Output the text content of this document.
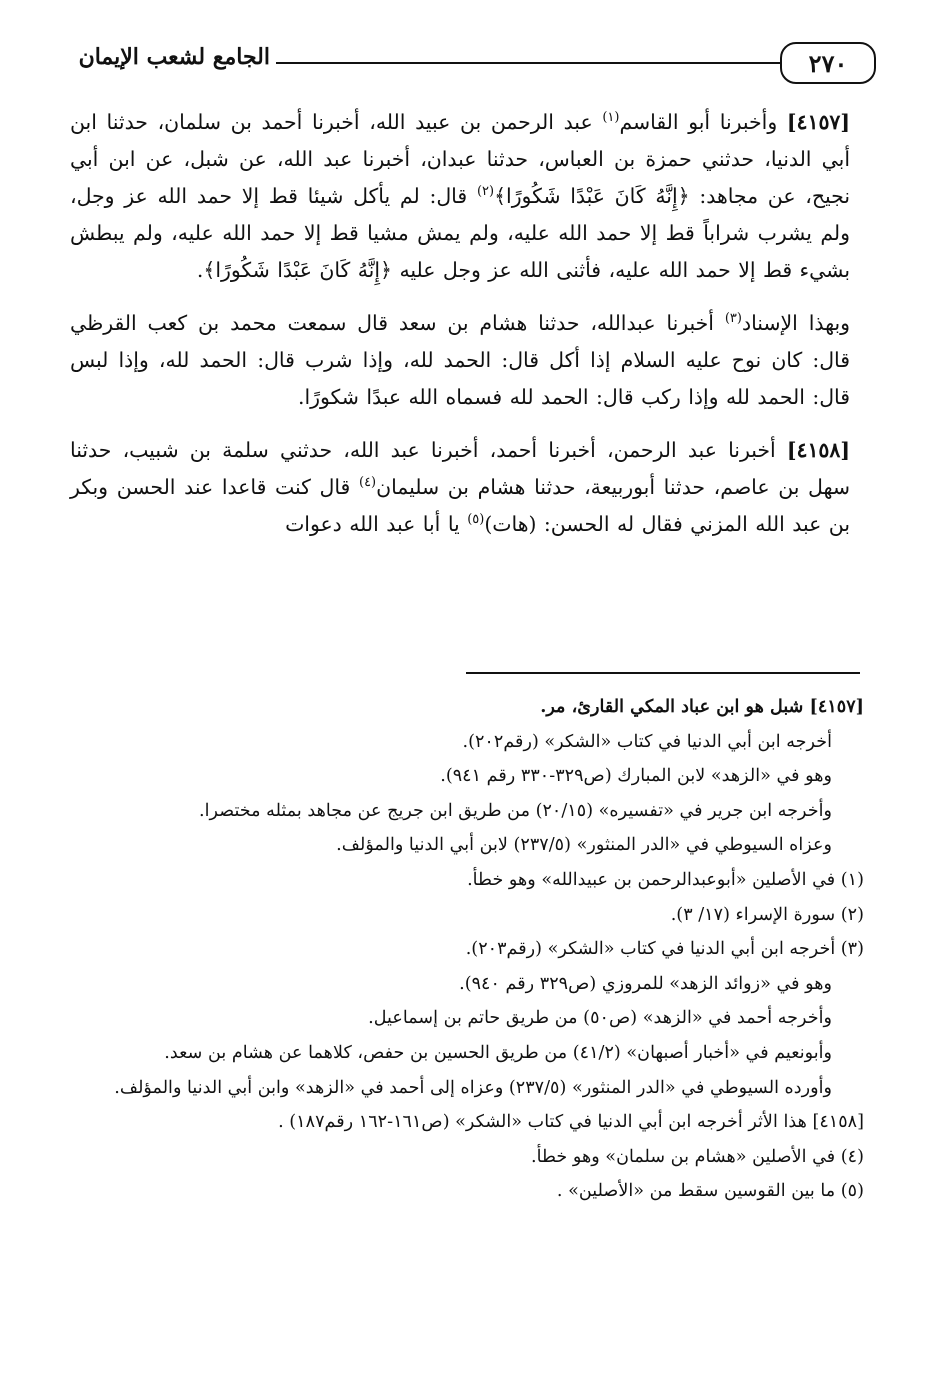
٢٧٠
الجامع لشعب الإيمان

[٤١٥٧] وأخبرنا أبو القاسم$^{(١)}$ عبد الرحمن بن عبيد الله، أخبرنا أحمد بن سلمان، حدثنا ابن أبي الدنيا، حدثني حمزة بن العباس، حدثنا عبدان، أخبرنا عبد الله، عن شبل، عن ابن أبي نجيح، عن مجاهد: ﴿إِنَّهُ كَانَ عَبْدًا شَكُورًا﴾$^{(٢)}$ قال: لم يأكل شيئا قط إلا حمد الله عز وجل، ولم يشرب شراباً قط إلا حمد الله عليه، ولم يمش مشيا قط إلا حمد الله عليه، ولم يبطش بشيء قط إلا حمد الله عليه، فأثنى الله عز وجل عليه ﴿إِنَّهُ كَانَ عَبْدًا شَكُورًا﴾.

وبهذا الإسناد$^{(٣)}$ أخبرنا عبدالله، حدثنا هشام بن سعد قال سمعت محمد بن كعب القرظي قال: كان نوح عليه السلام إذا أكل قال: الحمد لله، وإذا شرب قال: الحمد لله، وإذا لبس قال: الحمد لله وإذا ركب قال: الحمد لله فسماه الله عبدًا شكورًا.

[٤١٥٨] أخبرنا عبد الرحمن، أخبرنا أحمد، أخبرنا عبد الله، حدثني سلمة بن شبيب، حدثنا سهل بن عاصم، حدثنا أبوربيعة، حدثنا هشام بن سليمان$^{(٤)}$ قال كنت قاعدا عند الحسن وبكر بن عبد الله المزني فقال له الحسن: (هات)$^{(٥)}$ يا أبا عبد الله دعوات

[٤١٥٧] شبل هو ابن عباد المكي القارئ، مر.

أخرجه ابن أبي الدنيا في كتاب «الشكر» (رقم٢٠٢).

وهو في «الزهد» لابن المبارك (ص٣٢٩-٣٣٠ رقم ٩٤١).

وأخرجه ابن جرير في «تفسيره» (٢٠/١٥) من طريق ابن جريج عن مجاهد بمثله مختصرا.

وعزاه السيوطي في «الدر المنثور» (٢٣٧/٥) لابن أبي الدنيا والمؤلف.

(١) في الأصلين «أبوعبدالرحمن بن عبيدالله» وهو خطأ.

(٢) سورة الإسراء (١٧/ ٣).

(٣) أخرجه ابن أبي الدنيا في كتاب «الشكر» (رقم٢٠٣).

وهو في «زوائد الزهد» للمروزي (ص٣٢٩ رقم ٩٤٠).

وأخرجه أحمد في «الزهد» (ص٥٠) من طريق حاتم بن إسماعيل.

وأبونعيم في «أخبار أصبهان» (٤١/٢) من طريق الحسين بن حفص، كلاهما عن هشام بن سعد.

وأورده السيوطي في «الدر المنثور» (٢٣٧/٥) وعزاه إلى أحمد في «الزهد» وابن أبي الدنيا والمؤلف.

[٤١٥٨] هذا الأثر أخرجه ابن أبي الدنيا في كتاب «الشكر» (ص١٦١-١٦٢ رقم١٨٧) .

(٤) في الأصلين «هشام بن سلمان» وهو خطأ.

(٥) ما بين القوسين سقط من «الأصلين» .
